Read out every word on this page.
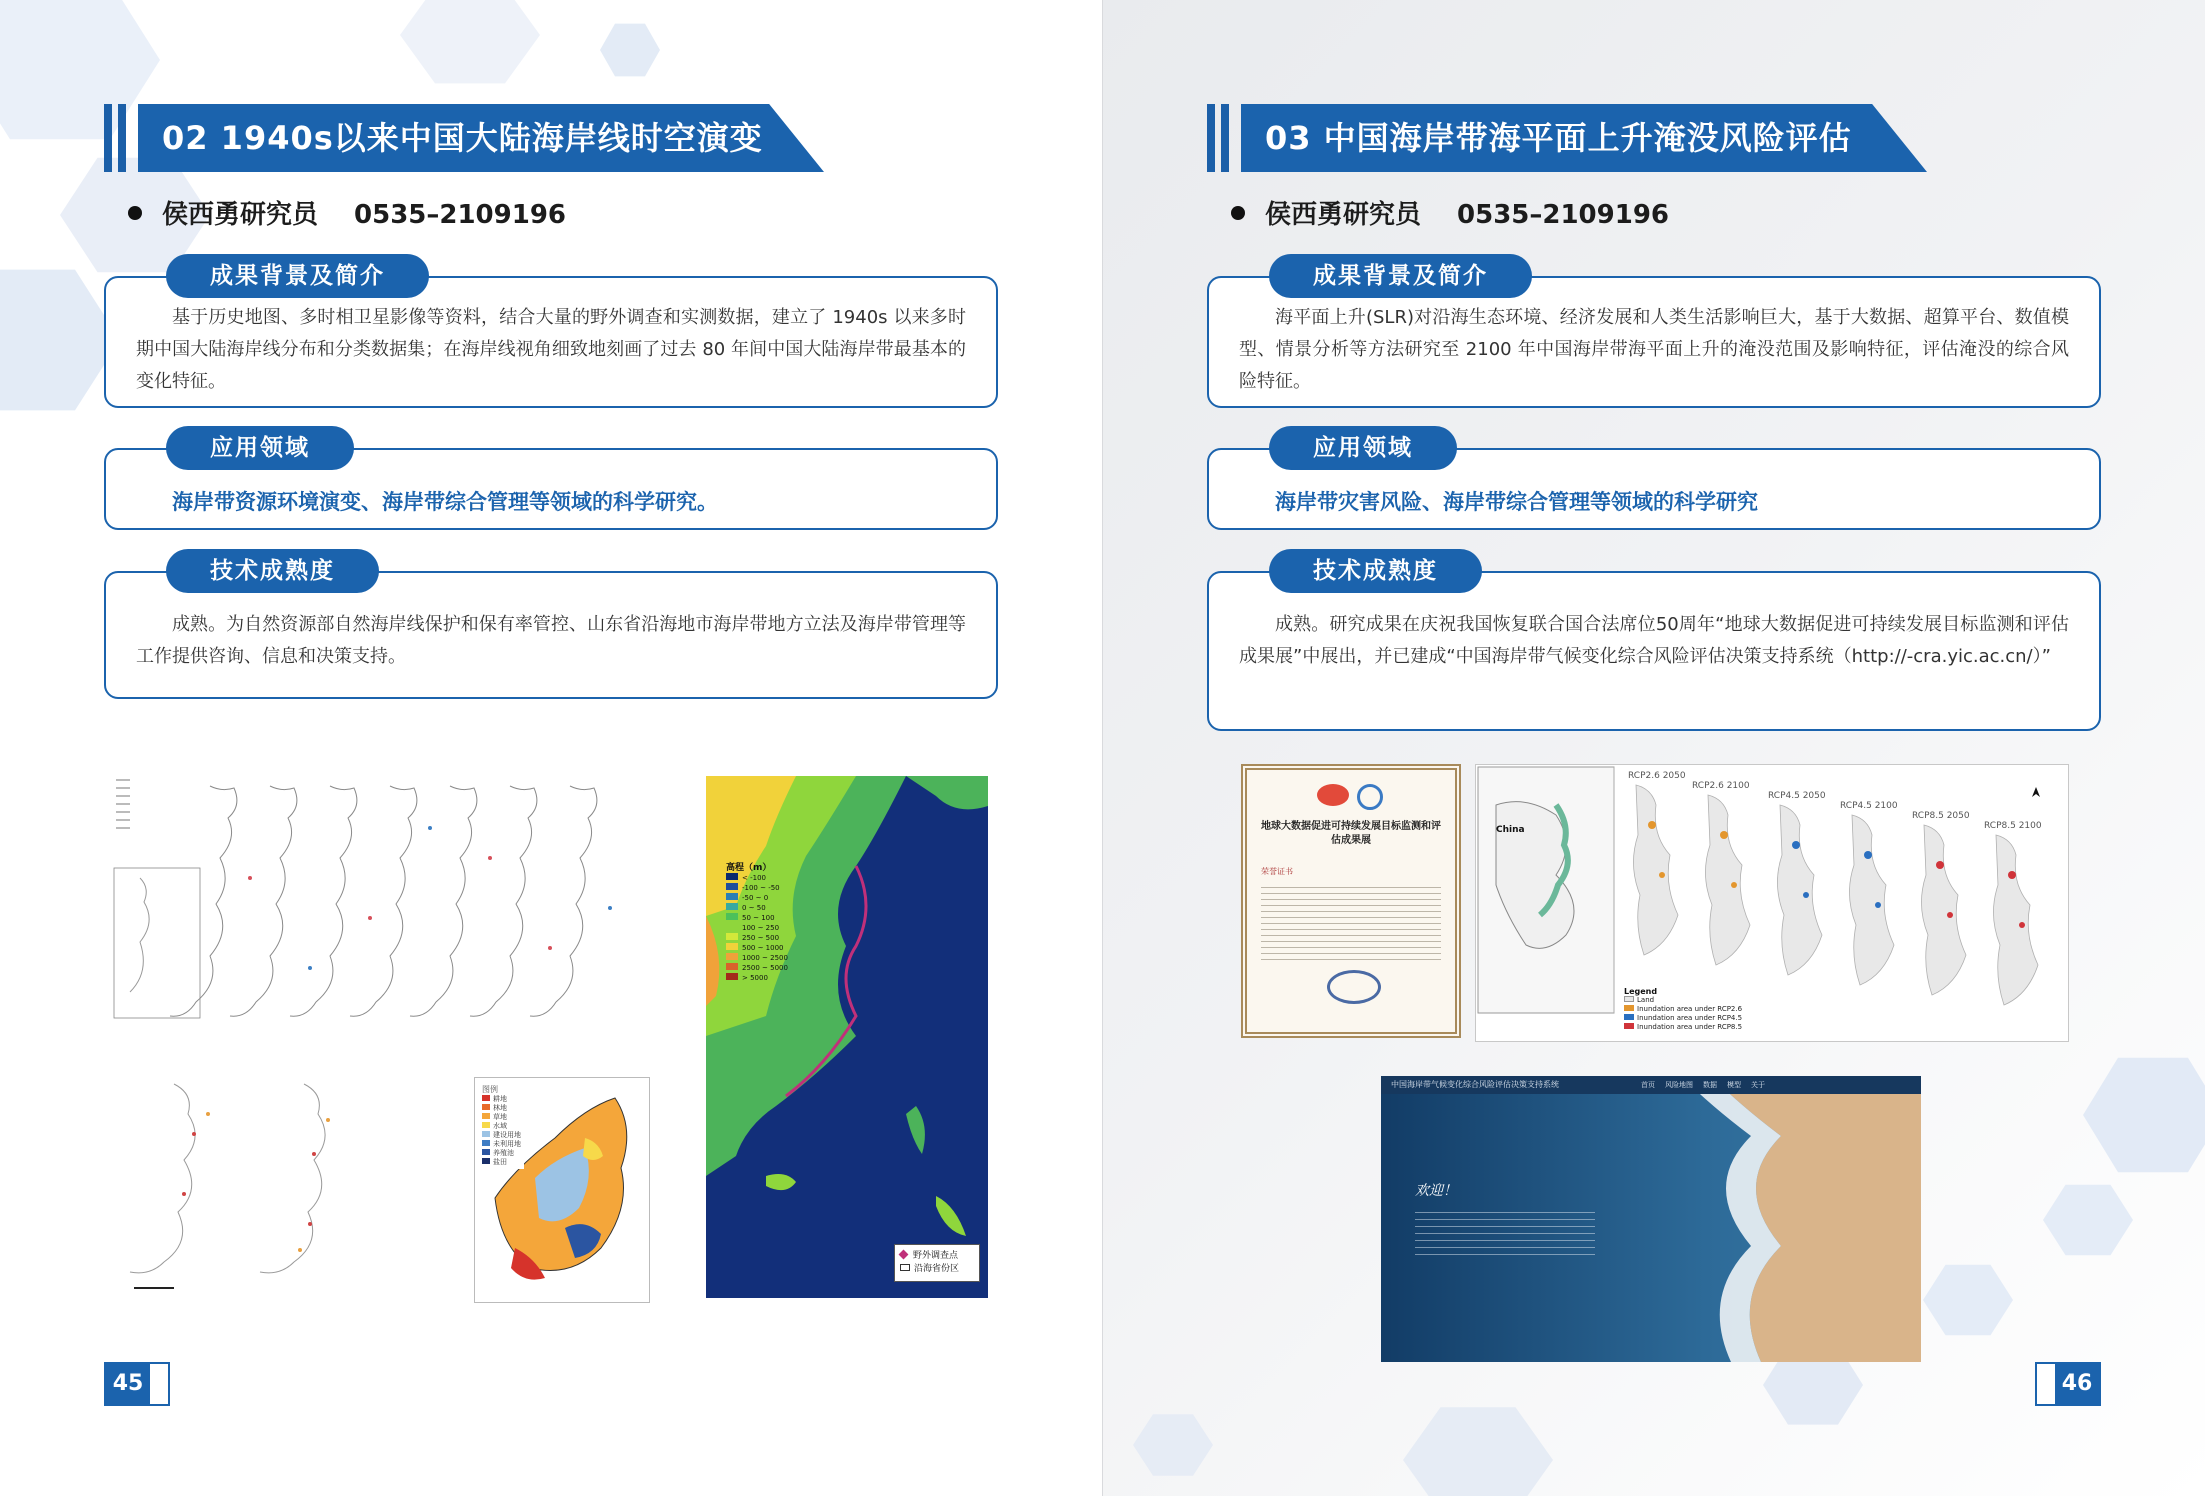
02 1940s以来中国大陆海岸线时空演变
侯西勇研究员 0535–2109196
成果背景及简介
基于历史地图、多时相卫星影像等资料，结合大量的野外调查和实测数据，建立了 1940s 以来多时期中国大陆海岸线分布和分类数据集；在海岸线视角细致地刻画了过去 80 年间中国大陆海岸带最基本的变化特征。
应用领域
海岸带资源环境演变、海岸带综合管理等领域的科学研究。
技术成熟度
成熟。为自然资源部自然海岸线保护和保有率管控、山东省沿海地市海岸带地方立法及海岸带管理等工作提供咨询、信息和决策支持。
图例
耕地
林地
草地
水域
建设用地
未利用地
养殖池
盐田
高程（m）
< -100
-100 ~ -50
-50 ~ 0
0 ~ 50
50 ~ 100
100 ~ 250
250 ~ 500
500 ~ 1000
1000 ~ 2500
2500 ~ 5000
> 5000
野外调查点
沿海省份区
45
03 中国海岸带海平面上升淹没风险评估
侯西勇研究员 0535–2109196
成果背景及简介
海平面上升(SLR)对沿海生态环境、经济发展和人类生活影响巨大，基于大数据、超算平台、数值模型、情景分析等方法研究至 2100 年中国海岸带海平面上升的淹没范围及影响特征，评估淹没的综合风险特征。
应用领域
海岸带灾害风险、海岸带综合管理等领域的科学研究
技术成熟度
成熟。研究成果在庆祝我国恢复联合国合法席位50周年“地球大数据促进可持续发展目标监测和评估成果展”中展出，并已建成“中国海岸带气候变化综合风险评估决策支持系统（http://-cra.yic.ac.cn/）”
地球大数据促进可持续发展目标监测和评估成果展
荣誉证书
China
RCP2.6 2050
RCP2.6 2100
RCP4.5 2050
RCP4.5 2100
RCP8.5 2050
RCP8.5 2100
Legend
Land
Inundation area under RCP2.6
Inundation area under RCP4.5
Inundation area under RCP8.5
中国海岸带气候变化综合风险评估决策支持系统	首页 风险地图 数据 模型 关于
欢迎！
46
